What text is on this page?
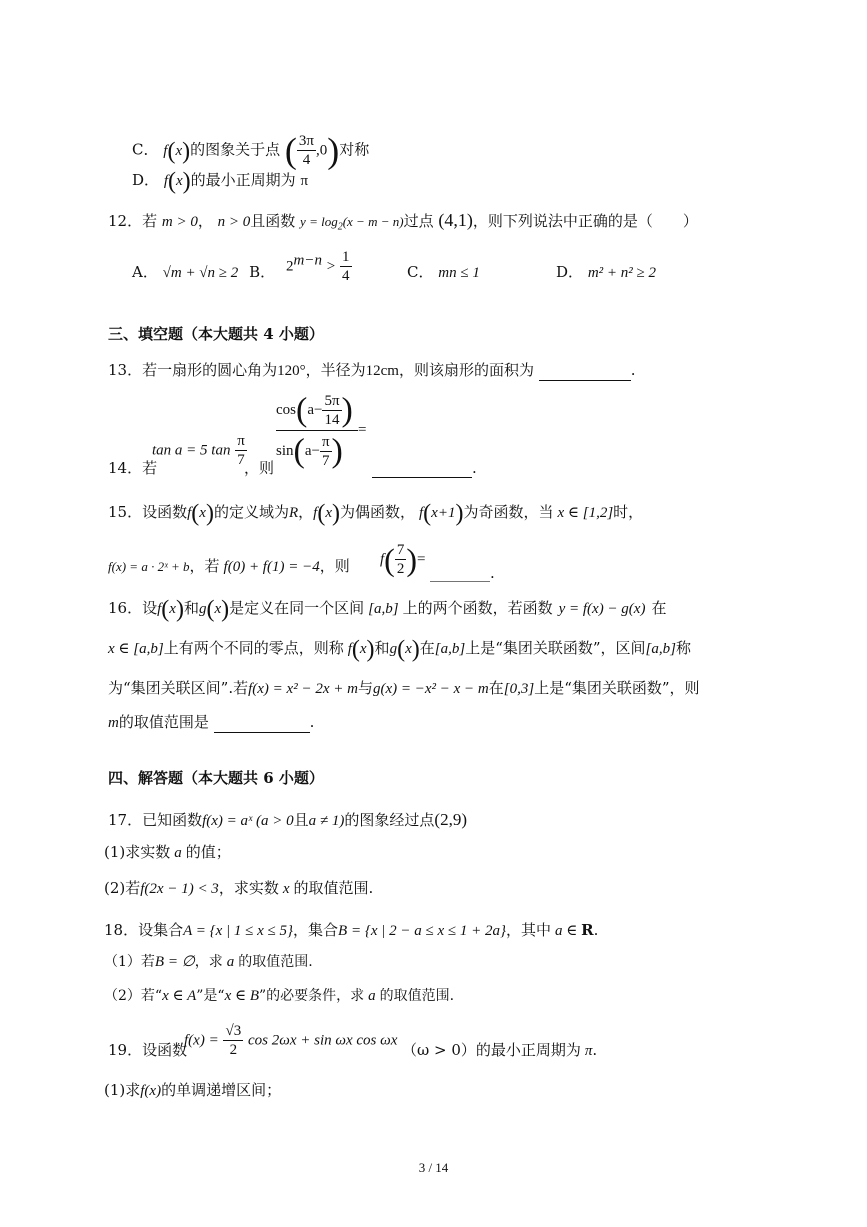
C． f(x)的图象关于点 ( $\frac{3\pi}{4} ,0$)对称
D． f(x)的最小正周期为 π
12．若 m > 0， n > 0且函数 $y = \log_2(x - m - n)$过点 (4,1)，则下列说法中正确的是（　　）
A． √m + √n ≥ 2 B． $2^{m-n} > \frac{1}{4}$	C． mn ≤ 1	D． m² + n² ≥ 2
三、填空题（本大题共 4 小题）
13．若一扇形的圆心角为120°，半径为12cm，则该扇形的面积为	.
14．若
tan a = 5 $\tan \frac{\pi}{7}$
，则
$\cos(a- \frac{5\pi}{14}$ )
$\sin(a- \frac{\pi}{7}$ )
=
.
15．设函数f(x)的定义域为R，f(x)为偶函数， f(x+1)为奇函数，当 x ∈ [1,2]时，
f(x) = a · 2ˣ + b，若 f(0) + f(1) = −4，则 $f( \frac{7}{2}$ )=
________.
16．设f(x)和g(x)是定义在同一个区间 [a,b] 上的两个函数，若函数 y = f(x) − g(x) 在
x ∈ [a,b]上有两个不同的零点，则称 f(x)和g(x)在[a,b]上是“集团关联函数”，区间[a,b]称
为“集团关联区间”.若f(x) = x² − 2x + m与g(x) = −x² − x − m在[0,3]上是“集团关联函数”，则
m的取值范围是	.
四、解答题（本大题共 6 小题）
17．已知函数f(x) = aˣ (a > 0且a ≠ 1)的图象经过点(2,9)
(1)求实数 a 的值；
(2)若f(2x − 1) < 3，求实数 x 的取值范围.
18．设集合A = {x | 1 ≤ x ≤ 5}，集合B = {x | 2 − a ≤ x ≤ 1 + 2a}，其中 a ∈ R.
（1）若B = ∅，求 a 的取值范围.
（2）若“x ∈ A”是“x ∈ B”的必要条件，求 a 的取值范围.
19．设函数
$f(x) = \frac{√3}{2}$ cos 2ωx + sin ωx cos ωx
（ω > 0）的最小正周期为 π.
(1)求f(x)的单调递增区间；
3 / 14
